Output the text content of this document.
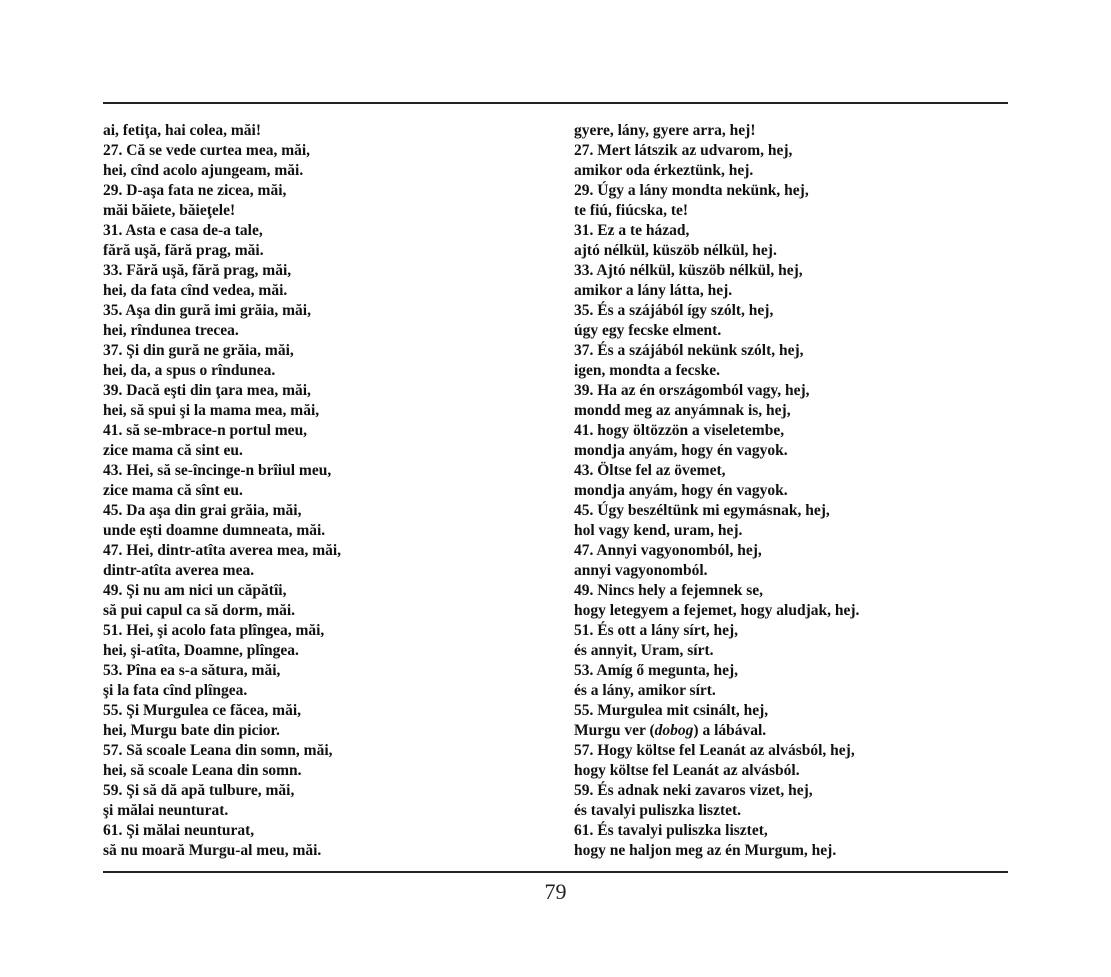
ai, fetiţa, hai colea, măi!
27. Că se vede curtea mea, măi,
hei, cînd acolo ajungeam, măi.
29. D-aşa fata ne zicea, măi,
măi băiete, băieţele!
31. Asta e casa de-a tale,
fără uşă, fără prag, măi.
33. Fără uşă, fără prag, măi,
hei, da fata cînd vedea, măi.
35. Aşa din gură imi grăia, măi,
hei, rîndunea trecea.
37. Şi din gură ne grăia, măi,
hei, da, a spus o rîndunea.
39. Dacă eşti din ţara mea, măi,
hei, să spui şi la mama mea, măi,
41. să se-mbrace-n portul meu,
zice mama că sint eu.
43. Hei, să se-încinge-n brîiul meu,
zice mama că sînt eu.
45. Da aşa din grai grăia, măi,
unde eşti doamne dumneata, măi.
47. Hei, dintr-atîta averea mea, măi,
dintr-atîta averea mea.
49. Şi nu am nici un căpătîi,
să pui capul ca să dorm, măi.
51. Hei, şi acolo fata plîngea, măi,
hei, şi-atîta, Doamne, plîngea.
53. Pîna ea s-a sătura, măi,
şi la fata cînd plîngea.
55. Şi Murgulea ce făcea, măi,
hei, Murgu bate din picior.
57. Să scoale Leana din somn, măi,
hei, să scoale Leana din somn.
59. Şi să dă apă tulbure, măi,
şi mălai neunturat.
61. Şi mălai neunturat,
să nu moară Murgu-al meu, măi.
gyere, lány, gyere arra, hej!
27. Mert látszik az udvarom, hej,
amikor oda érkeztünk, hej.
29. Úgy a lány mondta nekünk, hej,
te fiú, fiúcska, te!
31. Ez a te házad,
ajtó nélkül, küszöb nélkül, hej.
33. Ajtó nélkül, küszöb nélkül, hej,
amikor a lány látta, hej.
35. És a szájából így szólt, hej,
úgy egy fecske elment.
37. És a szájából nekünk szólt, hej,
igen, mondta a fecske.
39. Ha az én országomból vagy, hej,
mondd meg az anyámnak is, hej,
41. hogy öltözzön a viseletembe,
mondja anyám, hogy én vagyok.
43. Öltse fel az övemet,
mondja anyám, hogy én vagyok.
45. Úgy beszéltünk mi egymásnak, hej,
hol vagy kend, uram, hej.
47. Annyi vagyonomból, hej,
annyi vagyonomból.
49. Nincs hely a fejemnek se,
hogy letegyem a fejemet, hogy aludjak, hej.
51. És ott a lány sírt, hej,
és annyit, Uram, sírt.
53. Amíg ő megunta, hej,
és a lány, amikor sírt.
55. Murgulea mit csinált, hej,
Murgu ver (dobog) a lábával.
57. Hogy költse fel Leanát az alvásból, hej,
hogy költse fel Leanát az alvásból.
59. És adnak neki zavaros vizet, hej,
és tavalyi puliszka lisztet.
61. És tavalyi puliszka lisztet,
hogy ne haljon meg az én Murgum, hej.
79
